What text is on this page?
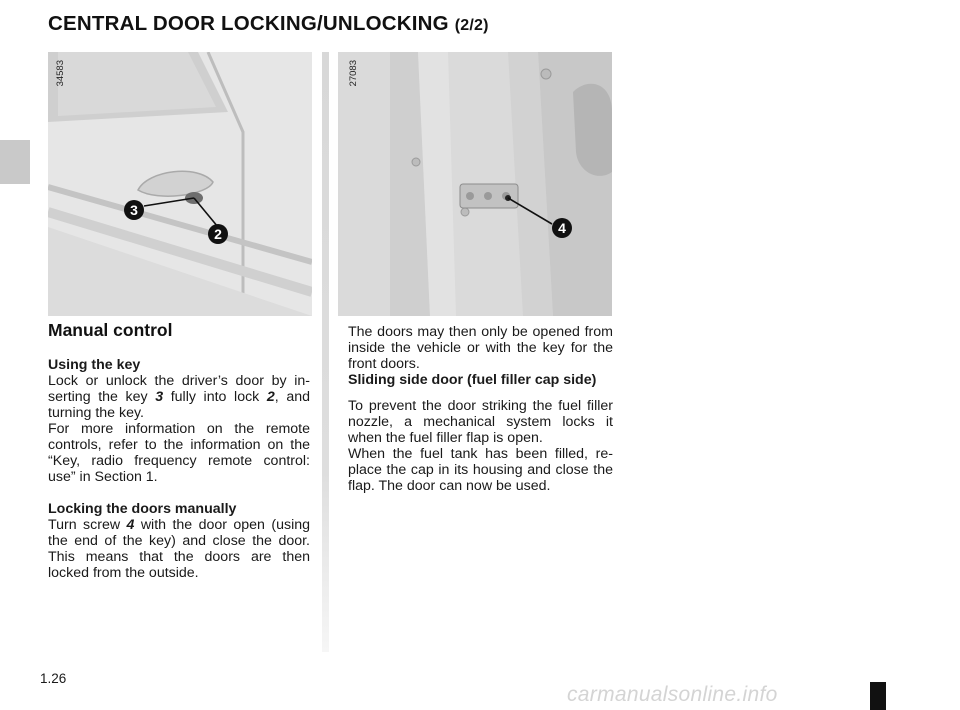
CENTRAL DOOR LOCKING/UNLOCKING (2/2)
34583
3
2
27083
4
Manual control
Using the key

Lock or unlock the driver’s door by in-serting the key 3 fully into lock 2, and turning the key.

For more information on the remote controls, refer to the information on the “Key, radio frequency remote control: use” in Section 1.

Locking the doors manually

Turn screw 4 with the door open (using the end of the key) and close the door. This means that the doors are then locked from the outside.

The doors may then only be opened from inside the vehicle or with the key for the front doors.

Sliding side door (fuel filler cap side)

To prevent the door striking the fuel filler nozzle, a mechanical system locks it when the fuel filler flap is open.

When the fuel tank has been filled, re-place the cap in its housing and close the flap. The door can now be used.

1.26
carmanualsonline.info
